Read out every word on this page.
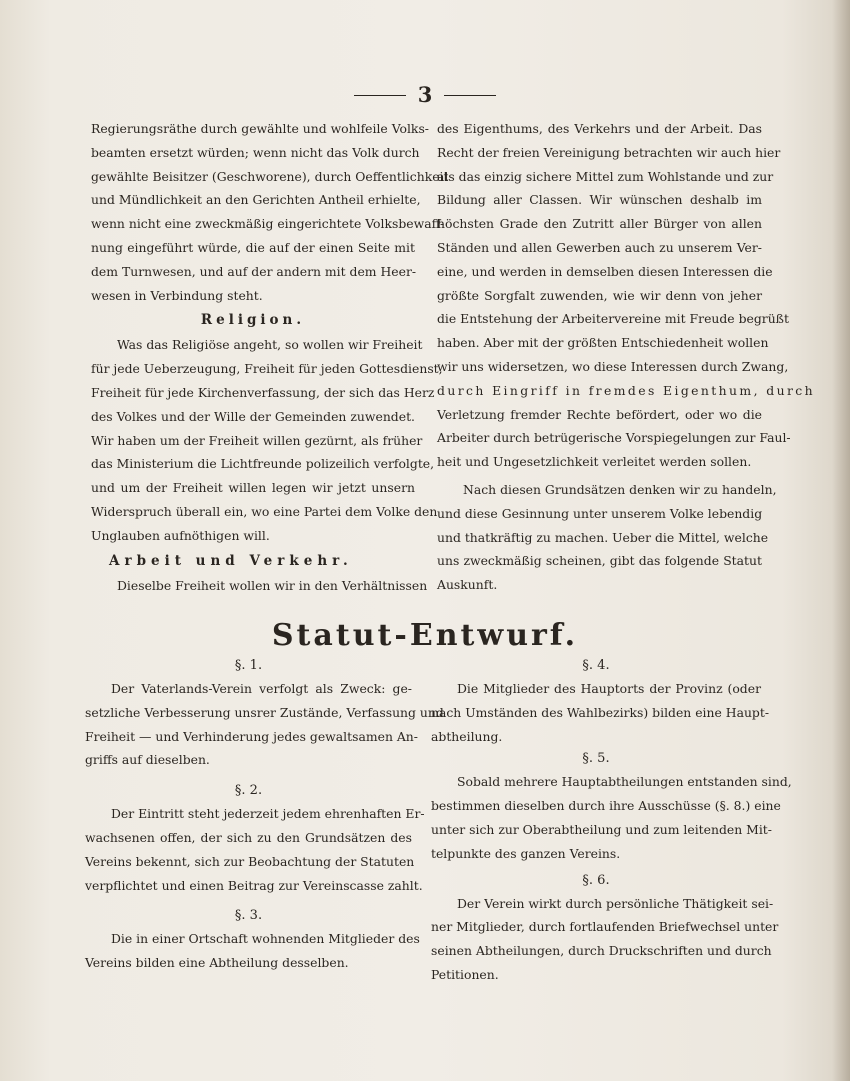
3
Regierungsräthe durch gewählte und wohlfeile Volks-
beamten ersetzt würden; wenn nicht das Volk durch
gewählte Beisitzer (Geschworene), durch Oeffentlichkeit
und Mündlichkeit an den Gerichten Antheil erhielte,
wenn nicht eine zweckmäßig eingerichtete Volksbewaff-
nung eingeführt würde, die auf der einen Seite mit
dem Turnwesen, und auf der andern mit dem Heer-
wesen in Verbindung steht.
Religion.
Was das Religiöse angeht, so wollen wir Freiheit
für jede Ueberzeugung, Freiheit für jeden Gottesdienst,
Freiheit für jede Kirchenverfassung, der sich das Herz
des Volkes und der Wille der Gemeinden zuwendet.
Wir haben um der Freiheit willen gezürnt, als früher
das Ministerium die Lichtfreunde polizeilich verfolgte,
und um der Freiheit willen legen wir jetzt unsern
Widerspruch überall ein, wo eine Partei dem Volke den
Unglauben aufnöthigen will.
Arbeit und Verkehr.
Dieselbe Freiheit wollen wir in den Verhältnissen
des Eigenthums, des Verkehrs und der Arbeit. Das
Recht der freien Vereinigung betrachten wir auch hier
als das einzig sichere Mittel zum Wohlstande und zur
Bildung aller Classen. Wir wünschen deshalb im
höchsten Grade den Zutritt aller Bürger von allen
Ständen und allen Gewerben auch zu unserem Ver-
eine, und werden in demselben diesen Interessen die
größte Sorgfalt zuwenden, wie wir denn von jeher
die Entstehung der Arbeitervereine mit Freude begrüßt
haben. Aber mit der größten Entschiedenheit wollen
wir uns widersetzen, wo diese Interessen durch Zwang,
durch Eingriff in fremdes Eigenthum, durch
Verletzung fremder Rechte befördert, oder wo die
Arbeiter durch betrügerische Vorspiegelungen zur Faul-
heit und Ungesetzlichkeit verleitet werden sollen.
Nach diesen Grundsätzen denken wir zu handeln,
und diese Gesinnung unter unserem Volke lebendig
und thatkräftig zu machen. Ueber die Mittel, welche
uns zweckmäßig scheinen, gibt das folgende Statut
Auskunft.
Statut-Entwurf.
§. 1.
Der Vaterlands-Verein verfolgt als Zweck: ge-
setzliche Verbesserung unsrer Zustände, Verfassung und
Freiheit — und Verhinderung jedes gewaltsamen An-
griffs auf dieselben.
§. 2.
Der Eintritt steht jederzeit jedem ehrenhaften Er-
wachsenen offen, der sich zu den Grundsätzen des
Vereins bekennt, sich zur Beobachtung der Statuten
verpflichtet und einen Beitrag zur Vereinscasse zahlt.
§. 3.
Die in einer Ortschaft wohnenden Mitglieder des
Vereins bilden eine Abtheilung desselben.
§. 4.
Die Mitglieder des Hauptorts der Provinz (oder
nach Umständen des Wahlbezirks) bilden eine Haupt-
abtheilung.
§. 5.
Sobald mehrere Hauptabtheilungen entstanden sind,
bestimmen dieselben durch ihre Ausschüsse (§. 8.) eine
unter sich zur Oberabtheilung und zum leitenden Mit-
telpunkte des ganzen Vereins.
§. 6.
Der Verein wirkt durch persönliche Thätigkeit sei-
ner Mitglieder, durch fortlaufenden Briefwechsel unter
seinen Abtheilungen, durch Druckschriften und durch
Petitionen.
